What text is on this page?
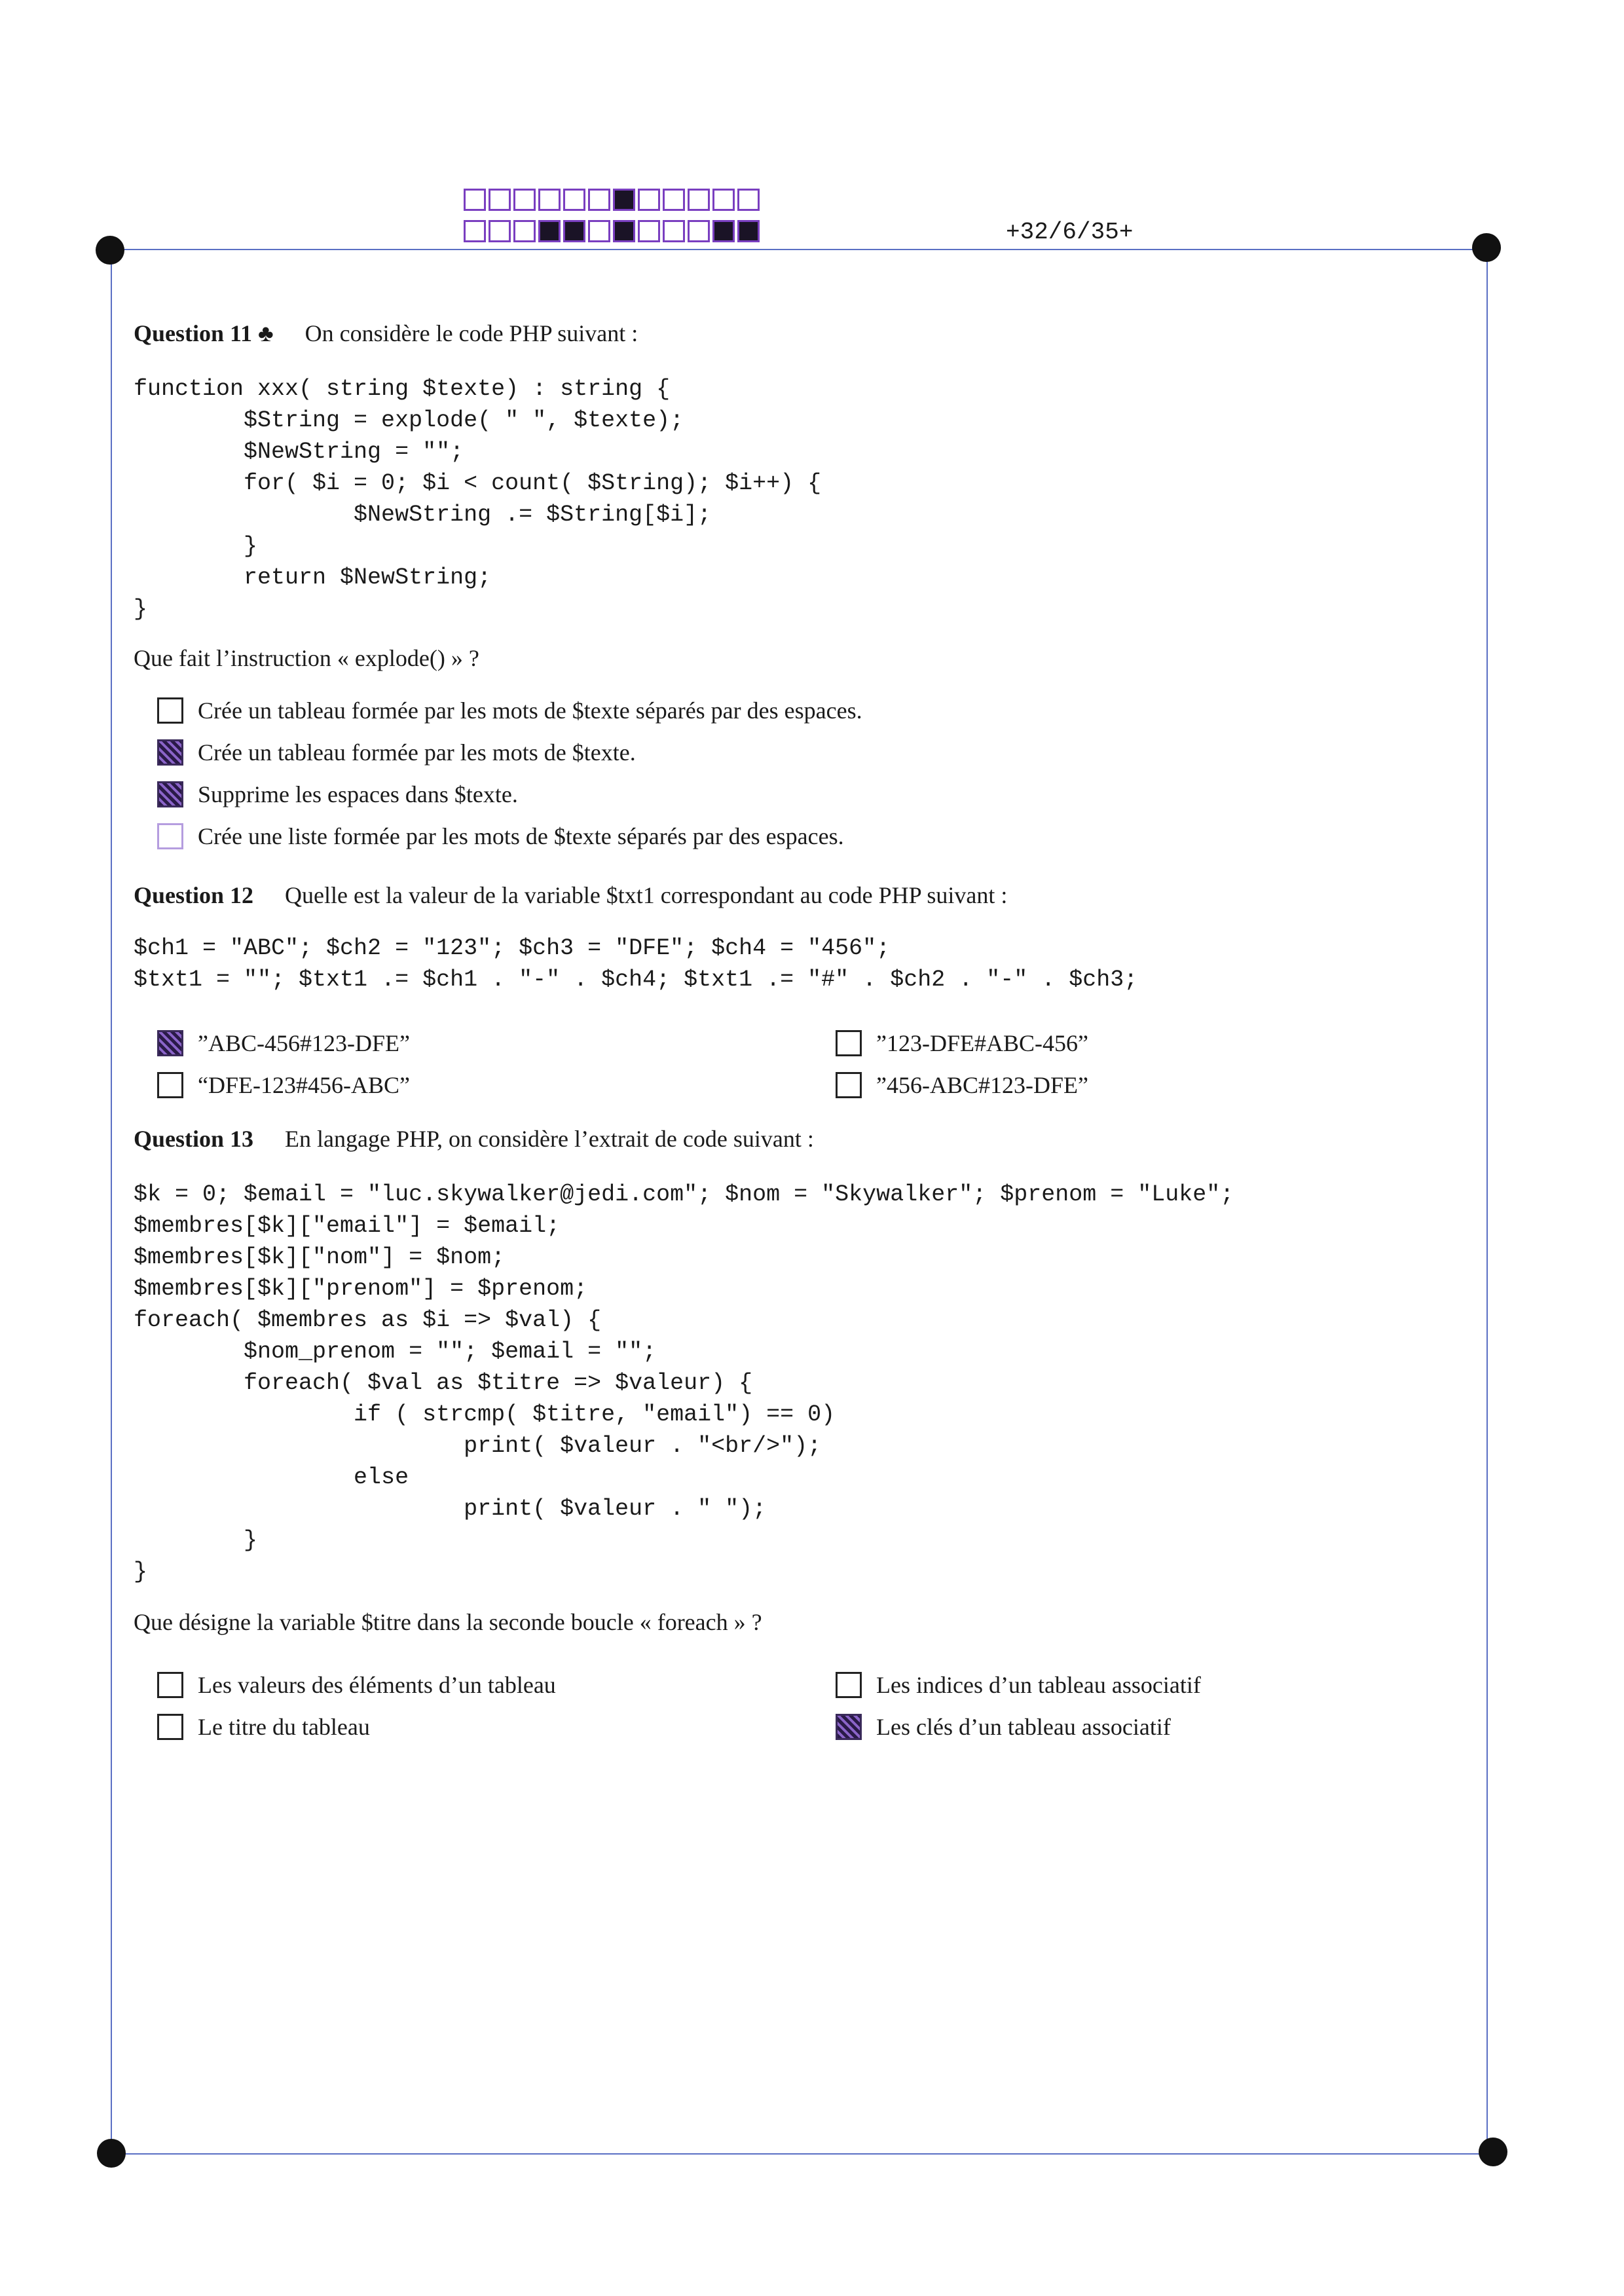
+32/6/35+
Question 11 ♣ On considère le code PHP suivant :
function xxx( string $texte) : string {
$String = explode( " ", $texte);
$NewString = "";
for( $i = 0; $i < count( $String); $i++) {
$NewString .= $String[$i];
}
return $NewString;
}
Que fait l’instruction « explode() » ?
Crée un tableau formée par les mots de $texte séparés par des espaces.
Crée un tableau formée par les mots de $texte.
Supprime les espaces dans $texte.
Crée une liste formée par les mots de $texte séparés par des espaces.
Question 12 Quelle est la valeur de la variable $txt1 correspondant au code PHP suivant :
$ch1 = "ABC"; $ch2 = "123"; $ch3 = "DFE"; $ch4 = "456";
$txt1 = ""; $txt1 .= $ch1 . "-" . $ch4; $txt1 .= "#" . $ch2 . "-" . $ch3;
”ABC-456#123-DFE”
“DFE-123#456-ABC”
”123-DFE#ABC-456”
”456-ABC#123-DFE”
Question 13 En langage PHP, on considère l’extrait de code suivant :
$k = 0; $email = "luc.skywalker@jedi.com"; $nom = "Skywalker"; $prenom = "Luke";
$membres[$k]["email"] = $email;
$membres[$k]["nom"] = $nom;
$membres[$k]["prenom"] = $prenom;
foreach( $membres as $i => $val) {
$nom_prenom = ""; $email = "";
foreach( $val as $titre => $valeur) {
if ( strcmp( $titre, "email") == 0)
print( $valeur . "<br/>");
else
print( $valeur . " ");
}
}
Que désigne la variable $titre dans la seconde boucle « foreach » ?
Les valeurs des éléments d’un tableau
Le titre du tableau
Les indices d’un tableau associatif
Les clés d’un tableau associatif
